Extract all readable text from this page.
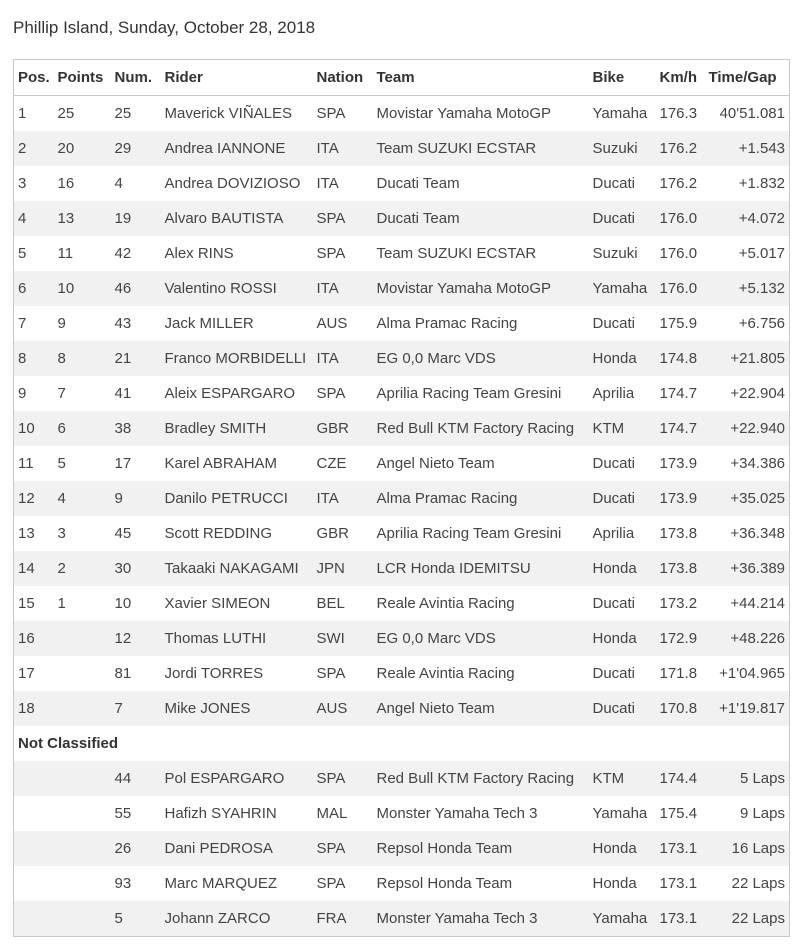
Phillip Island, Sunday, October 28, 2018
Pos.	Points	Num.	Rider	Nation	Team	Bike	Km/h	Time/Gap
1	25	25	Maverick VIÑALES	SPA	Movistar Yamaha MotoGP	Yamaha	176.3	40'51.081
2	20	29	Andrea IANNONE	ITA	Team SUZUKI ECSTAR	Suzuki	176.2	+1.543
3	16	4	Andrea DOVIZIOSO	ITA	Ducati Team	Ducati	176.2	+1.832
4	13	19	Alvaro BAUTISTA	SPA	Ducati Team	Ducati	176.0	+4.072
5	11	42	Alex RINS	SPA	Team SUZUKI ECSTAR	Suzuki	176.0	+5.017
6	10	46	Valentino ROSSI	ITA	Movistar Yamaha MotoGP	Yamaha	176.0	+5.132
7	9	43	Jack MILLER	AUS	Alma Pramac Racing	Ducati	175.9	+6.756
8	8	21	Franco MORBIDELLI	ITA	EG 0,0 Marc VDS	Honda	174.8	+21.805
9	7	41	Aleix ESPARGARO	SPA	Aprilia Racing Team Gresini	Aprilia	174.7	+22.904
10	6	38	Bradley SMITH	GBR	Red Bull KTM Factory Racing	KTM	174.7	+22.940
11	5	17	Karel ABRAHAM	CZE	Angel Nieto Team	Ducati	173.9	+34.386
12	4	9	Danilo PETRUCCI	ITA	Alma Pramac Racing	Ducati	173.9	+35.025
13	3	45	Scott REDDING	GBR	Aprilia Racing Team Gresini	Aprilia	173.8	+36.348
14	2	30	Takaaki NAKAGAMI	JPN	LCR Honda IDEMITSU	Honda	173.8	+36.389
15	1	10	Xavier SIMEON	BEL	Reale Avintia Racing	Ducati	173.2	+44.214
16		12	Thomas LUTHI	SWI	EG 0,0 Marc VDS	Honda	172.9	+48.226
17		81	Jordi TORRES	SPA	Reale Avintia Racing	Ducati	171.8	+1'04.965
18		7	Mike JONES	AUS	Angel Nieto Team	Ducati	170.8	+1'19.817
Not Classified								
		44	Pol ESPARGARO	SPA	Red Bull KTM Factory Racing	KTM	174.4	5 Laps
		55	Hafizh SYAHRIN	MAL	Monster Yamaha Tech 3	Yamaha	175.4	9 Laps
		26	Dani PEDROSA	SPA	Repsol Honda Team	Honda	173.1	16 Laps
		93	Marc MARQUEZ	SPA	Repsol Honda Team	Honda	173.1	22 Laps
		5	Johann ZARCO	FRA	Monster Yamaha Tech 3	Yamaha	173.1	22 Laps
